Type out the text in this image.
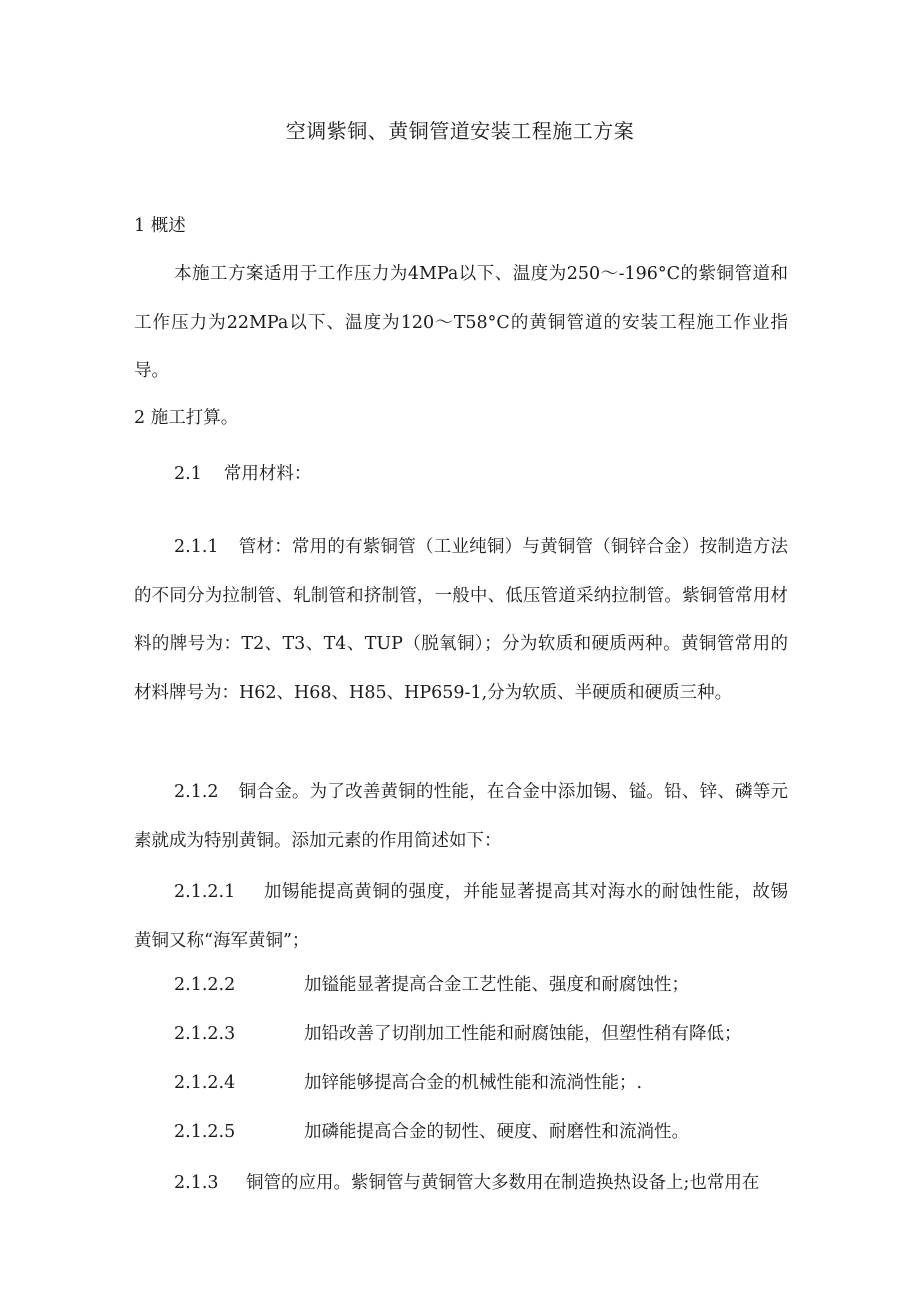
空调紫铜、黄铜管道安装工程施工方案
1 概述
本施工方案适用于工作压力为4MPa以下、温度为250～-196°C的紫铜管道和工作压力为22MPa以下、温度为120～T58°C的黄铜管道的安装工程施工作业指导。
2 施工打算。
2.1 常用材料：
2.1.1 管材：常用的有紫铜管（工业纯铜）与黄铜管（铜锌合金）按制造方法的不同分为拉制管、轧制管和挤制管，一般中、低压管道采纳拉制管。紫铜管常用材料的牌号为：T2、T3、T4、TUP（脱氧铜）；分为软质和硬质两种。黄铜管常用的材料牌号为：H62、H68、H85、HP659-1,分为软质、半硬质和硬质三种。
2.1.2 铜合金。为了改善黄铜的性能，在合金中添加锡、镒。铅、锌、磷等元素就成为特别黄铜。添加元素的作用简述如下：
2.1.2.1 加锡能提高黄铜的强度，并能显著提高其对海水的耐蚀性能，故锡黄铜又称“海军黄铜”；
2.1.2.2	加镒能显著提高合金工艺性能、强度和耐腐蚀性；
2.1.2.3	加铅改善了切削加工性能和耐腐蚀能，但塑性稍有降低；
2.1.2.4	加锌能够提高合金的机械性能和流淌性能；.
2.1.2.5	加磷能提高合金的韧性、硬度、耐磨性和流淌性。
2.1.3 铜管的应用。紫铜管与黄铜管大多数用在制造换热设备上;也常用在
